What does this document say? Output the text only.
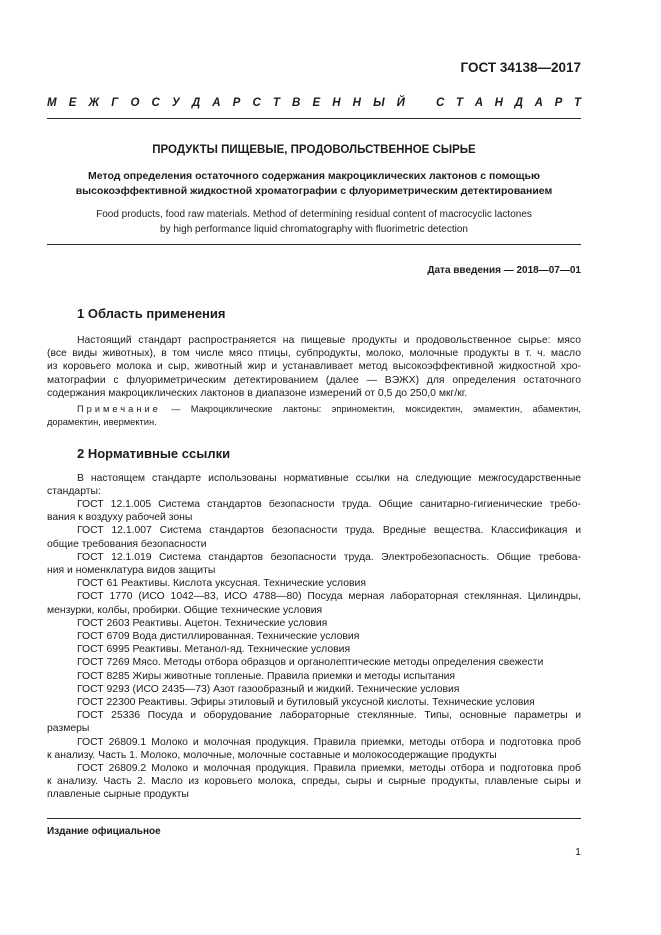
ГОСТ 34138—2017
М Е Ж Г О С У Д А Р С Т В Е Н Н Ы Й	С Т А Н Д А Р Т
ПРОДУКТЫ ПИЩЕВЫЕ, ПРОДОВОЛЬСТВЕННОЕ СЫРЬЕ
Метод определения остаточного содержания макроциклических лактонов с помощью
высокоэффективной жидкостной хроматографии с флуориметрическим детектированием
Food products, food raw materials. Method of determining residual content of macrocyclic lactones
by high performance liquid chromatography with fluorimetric detection
Дата введения — 2018—07—01
1 Область применения
Настоящий стандарт распространяется на пищевые продукты и продовольственное сырье: мясо
(все виды животных), в том числе мясо птицы, субпродукты, молоко, молочные продукты в т. ч. масло
из коровьего молока и сыр, животный жир и устанавливает метод высокоэффективной жидкостной хро-
матографии с флуориметрическим детектированием (далее — ВЭЖХ) для определения остаточного
содержания макроциклических лактонов в диапазоне измерений от 0,5 до 250,0 мкг/кг.
Примечание — Макроциклические лактоны: эприномектин, моксидектин, эмамектин, абамектин,
дорамектин, ивермектин.
2 Нормативные ссылки
В настоящем стандарте использованы нормативные ссылки на следующие межгосударственные
стандарты:
ГОСТ 12.1.005 Система стандартов безопасности труда. Общие санитарно-гигиенические требо-
вания к воздуху рабочей зоны
ГОСТ 12.1.007 Система стандартов безопасности труда. Вредные вещества. Классификация и
общие требования безопасности
ГОСТ 12.1.019 Система стандартов безопасности труда. Электробезопасность. Общие требова-
ния и номенклатура видов защиты
ГОСТ 61 Реактивы. Кислота уксусная. Технические условия
ГОСТ 1770 (ИСО 1042—83, ИСО 4788—80) Посуда мерная лабораторная стеклянная. Цилиндры,
мензурки, колбы, пробирки. Общие технические условия
ГОСТ 2603 Реактивы. Ацетон. Технические условия
ГОСТ 6709 Вода дистиллированная. Технические условия
ГОСТ 6995 Реактивы. Метанол-яд. Технические условия
ГОСТ 7269 Мясо. Методы отбора образцов и органолептические методы определения свежести
ГОСТ 8285 Жиры животные топленые. Правила приемки и методы испытания
ГОСТ 9293 (ИСО 2435—73) Азот газообразный и жидкий. Технические условия
ГОСТ 22300 Реактивы. Эфиры этиловый и бутиловый уксусной кислоты. Технические условия
ГОСТ 25336 Посуда и оборудование лабораторные стеклянные. Типы, основные параметры и
размеры
ГОСТ 26809.1 Молоко и молочная продукция. Правила приемки, методы отбора и подготовка проб
к анализу. Часть 1. Молоко, молочные, молочные составные и молокосодержащие продукты
ГОСТ 26809.2 Молоко и молочная продукция. Правила приемки, методы отбора и подготовка проб
к анализу. Часть 2. Масло из коровьего молока, спреды, сыры и сырные продукты, плавленые сыры и
плавленые сырные продукты
Издание официальное
1
